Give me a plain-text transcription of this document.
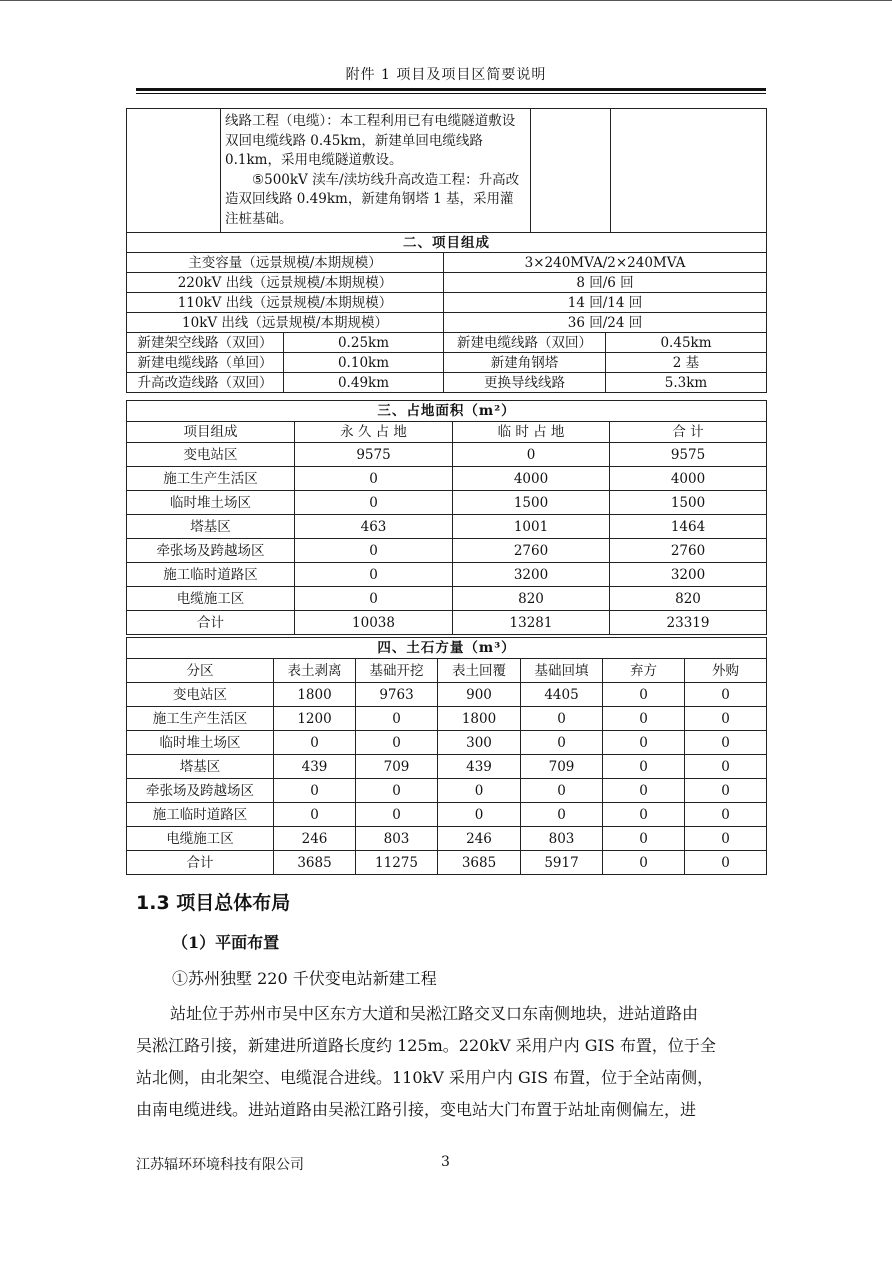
附件 1 项目及项目区简要说明

线路工程（电缆）：本工程利用已有电缆隧道敷设双回电缆线路 0.45km，新建单回电缆线路 0.1km，采用电缆隧道敷设。

⑤500kV 渎车/渎坊线升高改造工程：升高改造双回线路 0.49km，新建角钢塔 1 基，采用灌注桩基础。

二、项目组成			
主变容量（远景规模/本期规模）		3×240MVA/2×240MVA	
220kV 出线（远景规模/本期规模）		8 回/6 回	
110kV 出线（远景规模/本期规模）		14 回/14 回	
10kV 出线（远景规模/本期规模）		36 回/24 回	
新建架空线路（双回）	0.25km	新建电缆线路（双回）	0.45km
新建电缆线路（单回）	0.10km	新建角钢塔	2 基
升高改造线路（双回）	0.49km	更换导线线路	5.3km
三、占地面积（m²）			
项目组成	永 久 占 地	临 时 占 地	合 计
变电站区	9575	0	9575
施工生产生活区	0	4000	4000
临时堆土场区	0	1500	1500
塔基区	463	1001	1464
牵张场及跨越场区	0	2760	2760
施工临时道路区	0	3200	3200
电缆施工区	0	820	820
合计	10038	13281	23319
四、土石方量（m³）						
分区	表土剥离	基础开挖	表土回覆	基础回填	弃方	外购
变电站区	1800	9763	900	4405	0	0
施工生产生活区	1200	0	1800	0	0	0
临时堆土场区	0	0	300	0	0	0
塔基区	439	709	439	709	0	0
牵张场及跨越场区	0	0	0	0	0	0
施工临时道路区	0	0	0	0	0	0
电缆施工区	246	803	246	803	0	0
合计	3685	11275	3685	5917	0	0
1.3 项目总体布局
（1）平面布置
①苏州独墅 220 千伏变电站新建工程
站址位于苏州市吴中区东方大道和吴淞江路交叉口东南侧地块，进站道路由
吴淞江路引接，新建进所道路长度约 125m。220kV 采用户内 GIS 布置，位于全
站北侧，由北架空、电缆混合进线。110kV 采用户内 GIS 布置，位于全站南侧，
由南电缆进线。进站道路由吴淞江路引接，变电站大门布置于站址南侧偏左，进
江苏辐环环境科技有限公司	3
